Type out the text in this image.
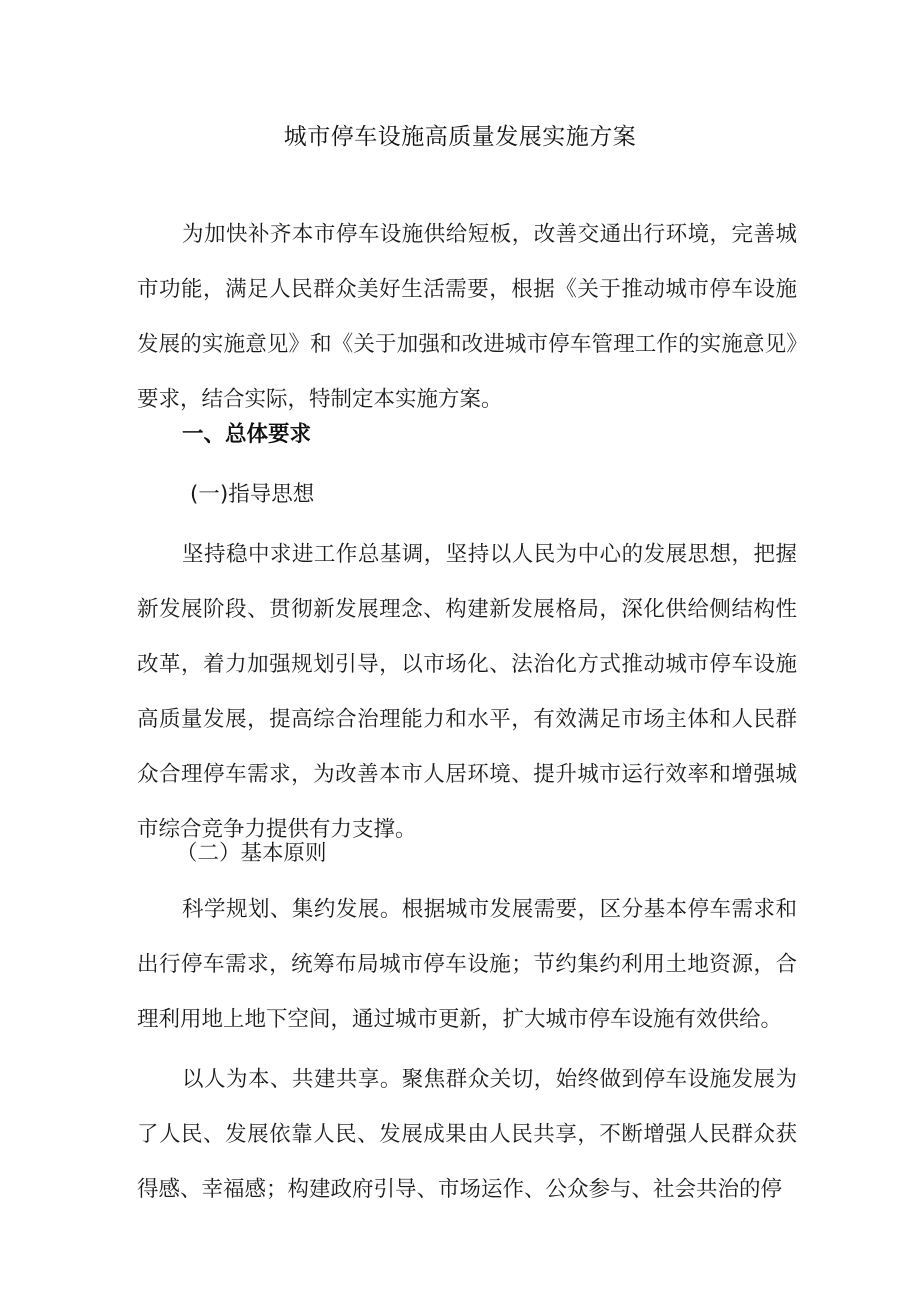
城市停车设施高质量发展实施方案
为加快补齐本市停车设施供给短板，改善交通出行环境，完善城市功能，满足人民群众美好生活需要，根据《关于推动城市停车设施发展的实施意见》和《关于加强和改进城市停车管理工作的实施意见》要求，结合实际，特制定本实施方案。
一、总体要求
(一)指导思想
坚持稳中求进工作总基调，坚持以人民为中心的发展思想，把握新发展阶段、贯彻新发展理念、构建新发展格局，深化供给侧结构性改革，着力加强规划引导，以市场化、法治化方式推动城市停车设施高质量发展，提高综合治理能力和水平，有效满足市场主体和人民群众合理停车需求，为改善本市人居环境、提升城市运行效率和增强城市综合竞争力提供有力支撑。
（二）基本原则
科学规划、集约发展。根据城市发展需要，区分基本停车需求和出行停车需求，统筹布局城市停车设施；节约集约利用土地资源，合理利用地上地下空间，通过城市更新，扩大城市停车设施有效供给。
以人为本、共建共享。聚焦群众关切，始终做到停车设施发展为了人民、发展依靠人民、发展成果由人民共享，不断增强人民群众获得感、幸福感；构建政府引导、市场运作、公众参与、社会共治的停
